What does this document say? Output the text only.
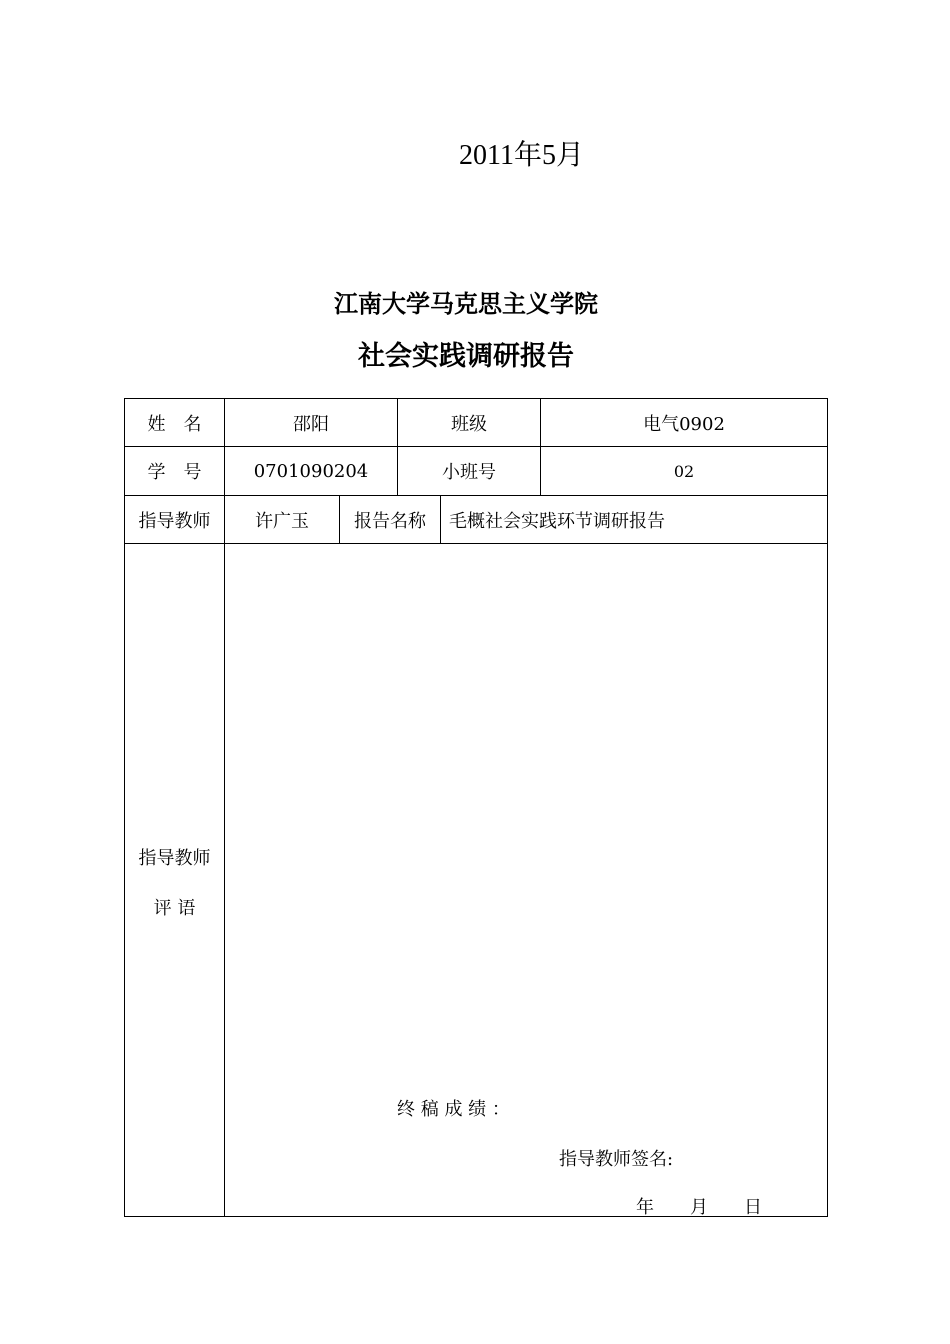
2011年5月
江南大学马克思主义学院
社会实践调研报告
姓　名	邵阳	班级	电气0902
学　号	0701090204	小班号	02
指导教师	许广玉	报告名称	毛概社会实践环节调研报告
指导教师
评 语
终 稿 成 绩 ：
指导教师签名:
年　　月　　日
